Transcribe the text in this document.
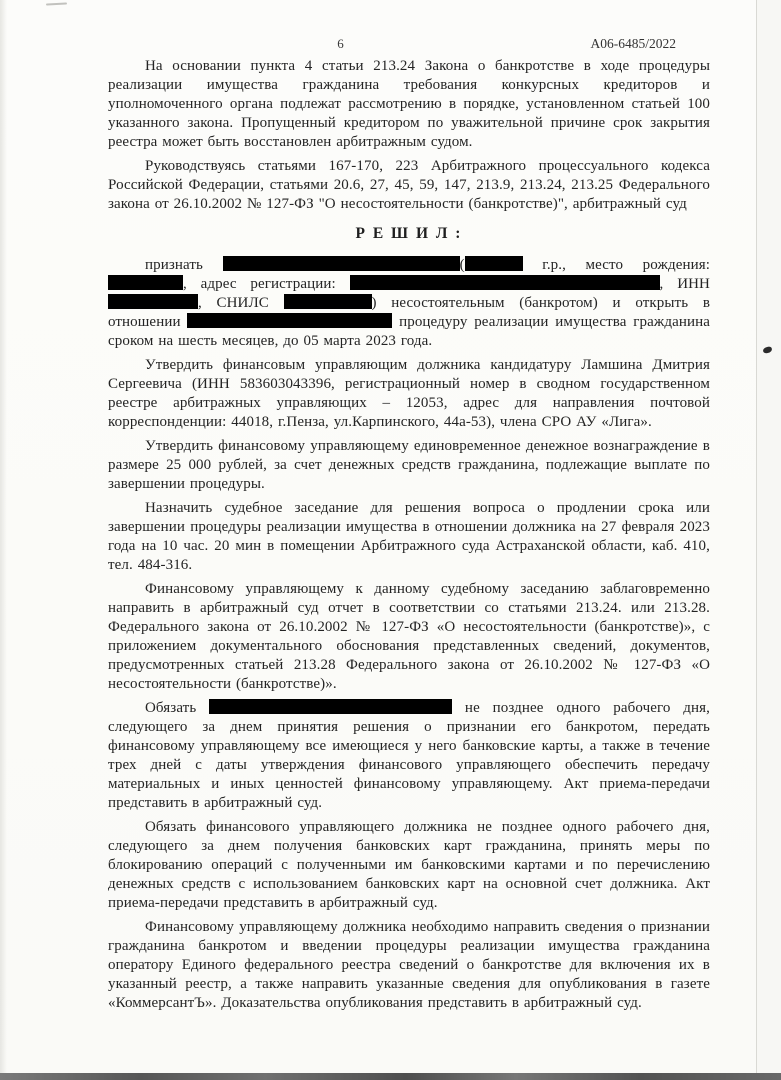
6	А06-6485/2022

На основании пункта 4 статьи 213.24 Закона о банкротстве в ходе процедуры реализации имущества гражданина требования конкурсных кредиторов и уполномоченного органа подлежат рассмотрению в порядке, установленном статьей 100 указанного закона. Пропущенный кредитором по уважительной причине срок закрытия реестра может быть восстановлен арбитражным судом.

Руководствуясь статьями 167-170, 223 Арбитражного процессуального кодекса Российской Федерации, статьями 20.6, 27, 45, 59, 147, 213.9, 213.24, 213.25 Федерального закона от 26.10.2002 № 127-ФЗ "О несостоятельности (банкротстве)", арбитражный суд

Р Е Ш И Л :

признать	(	г.р., место рождения: , адрес регистрации:	, ИНН , СНИЛС	) несостоятельным (банкротом) и открыть в отношении	процедуру реализации имущества гражданина сроком на шесть месяцев, до 05 марта 2023 года.

Утвердить финансовым управляющим должника кандидатуру Ламшина Дмитрия Сергеевича (ИНН 583603043396, регистрационный номер в сводном государственном реестре арбитражных управляющих – 12053, адрес для направления почтовой корреспонденции: 44018, г.Пенза, ул.Карпинского, 44а-53), члена СРО АУ «Лига».

Утвердить финансовому управляющему единовременное денежное вознаграждение в размере 25 000 рублей, за счет денежных средств гражданина, подлежащие выплате по завершении процедуры.

Назначить судебное заседание для решения вопроса о продлении срока или завершении процедуры реализации имущества в отношении должника на 27 февраля 2023 года на 10 час. 20 мин в помещении Арбитражного суда Астраханской области, каб. 410, тел. 484-316.

Финансовому управляющему к данному судебному заседанию заблаговременно направить в арбитражный суд отчет в соответствии со статьями 213.24. или 213.28. Федерального закона от 26.10.2002 № 127-ФЗ «О несостоятельности (банкротстве)», с приложением документального обоснования представленных сведений, документов, предусмотренных статьей 213.28 Федерального закона от 26.10.2002 № 127-ФЗ «О несостоятельности (банкротстве)».

Обязать	не позднее одного рабочего дня, следующего за днем принятия решения о признании его банкротом, передать финансовому управляющему все имеющиеся у него банковские карты, а также в течение трех дней с даты утверждения финансового управляющего обеспечить передачу материальных и иных ценностей финансовому управляющему. Акт приема-передачи представить в арбитражный суд.

Обязать финансового управляющего должника не позднее одного рабочего дня, следующего за днем получения банковских карт гражданина, принять меры по блокированию операций с полученными им банковскими картами и по перечислению денежных средств с использованием банковских карт на основной счет должника. Акт приема-передачи представить в арбитражный суд.

Финансовому управляющему должника необходимо направить сведения о признании гражданина банкротом и введении процедуры реализации имущества гражданина оператору Единого федерального реестра сведений о банкротстве для включения их в указанный реестр, а также направить указанные сведения для опубликования в газете «КоммерсантЪ». Доказательства опубликования представить в арбитражный суд.
